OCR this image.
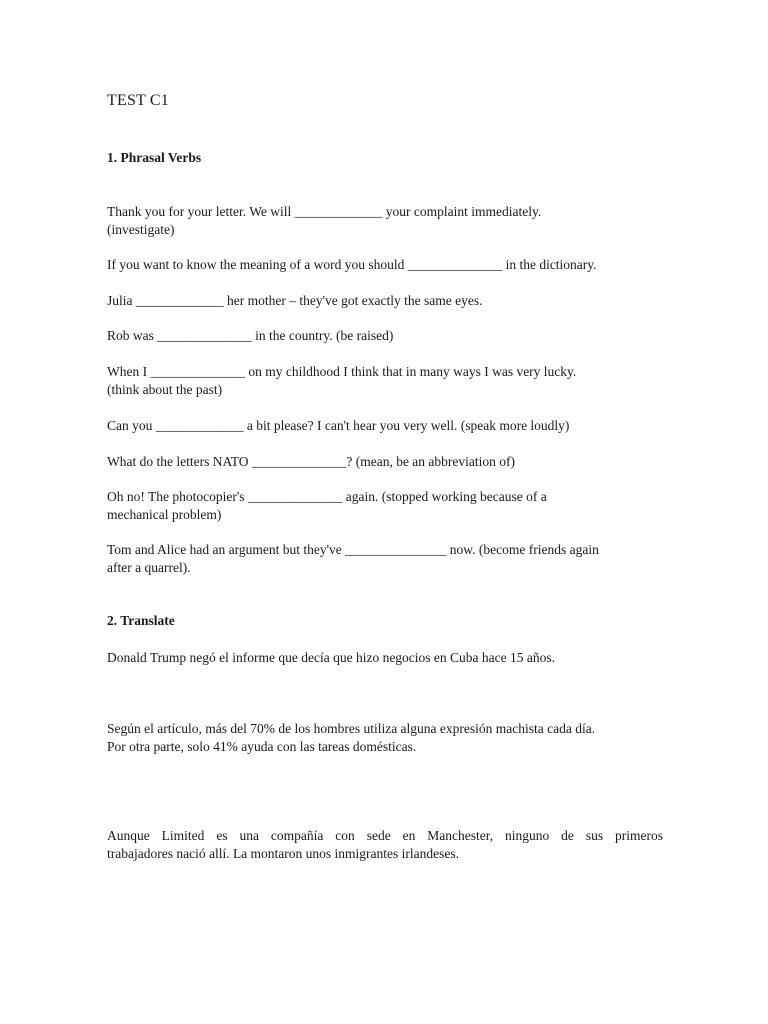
TEST C1
1. Phrasal Verbs
Thank you for your letter. We will _____________ your complaint immediately.
(investigate)
If you want to know the meaning of a word you should ______________ in the dictionary.
Julia _____________ her mother – they've got exactly the same eyes.
Rob was ______________ in the country. (be raised)
When I ______________ on my childhood I think that in many ways I was very lucky.
(think about the past)
Can you _____________ a bit please? I can't hear you very well. (speak more loudly)
What do the letters NATO ______________? (mean, be an abbreviation of)
Oh no! The photocopier's ______________ again. (stopped working because of a
mechanical problem)
Tom and Alice had an argument but they've _______________ now. (become friends again
after a quarrel).
2. Translate
Donald Trump negó el informe que decía que hizo negocios en Cuba hace 15 años.
Según el artículo, más del 70% de los hombres utiliza alguna expresión machista cada día.
Por otra parte, solo 41% ayuda con las tareas domésticas.
Aunque Limited es una compañía con sede en Manchester, ninguno de sus primeros
trabajadores nació allí. La montaron unos inmigrantes irlandeses.
